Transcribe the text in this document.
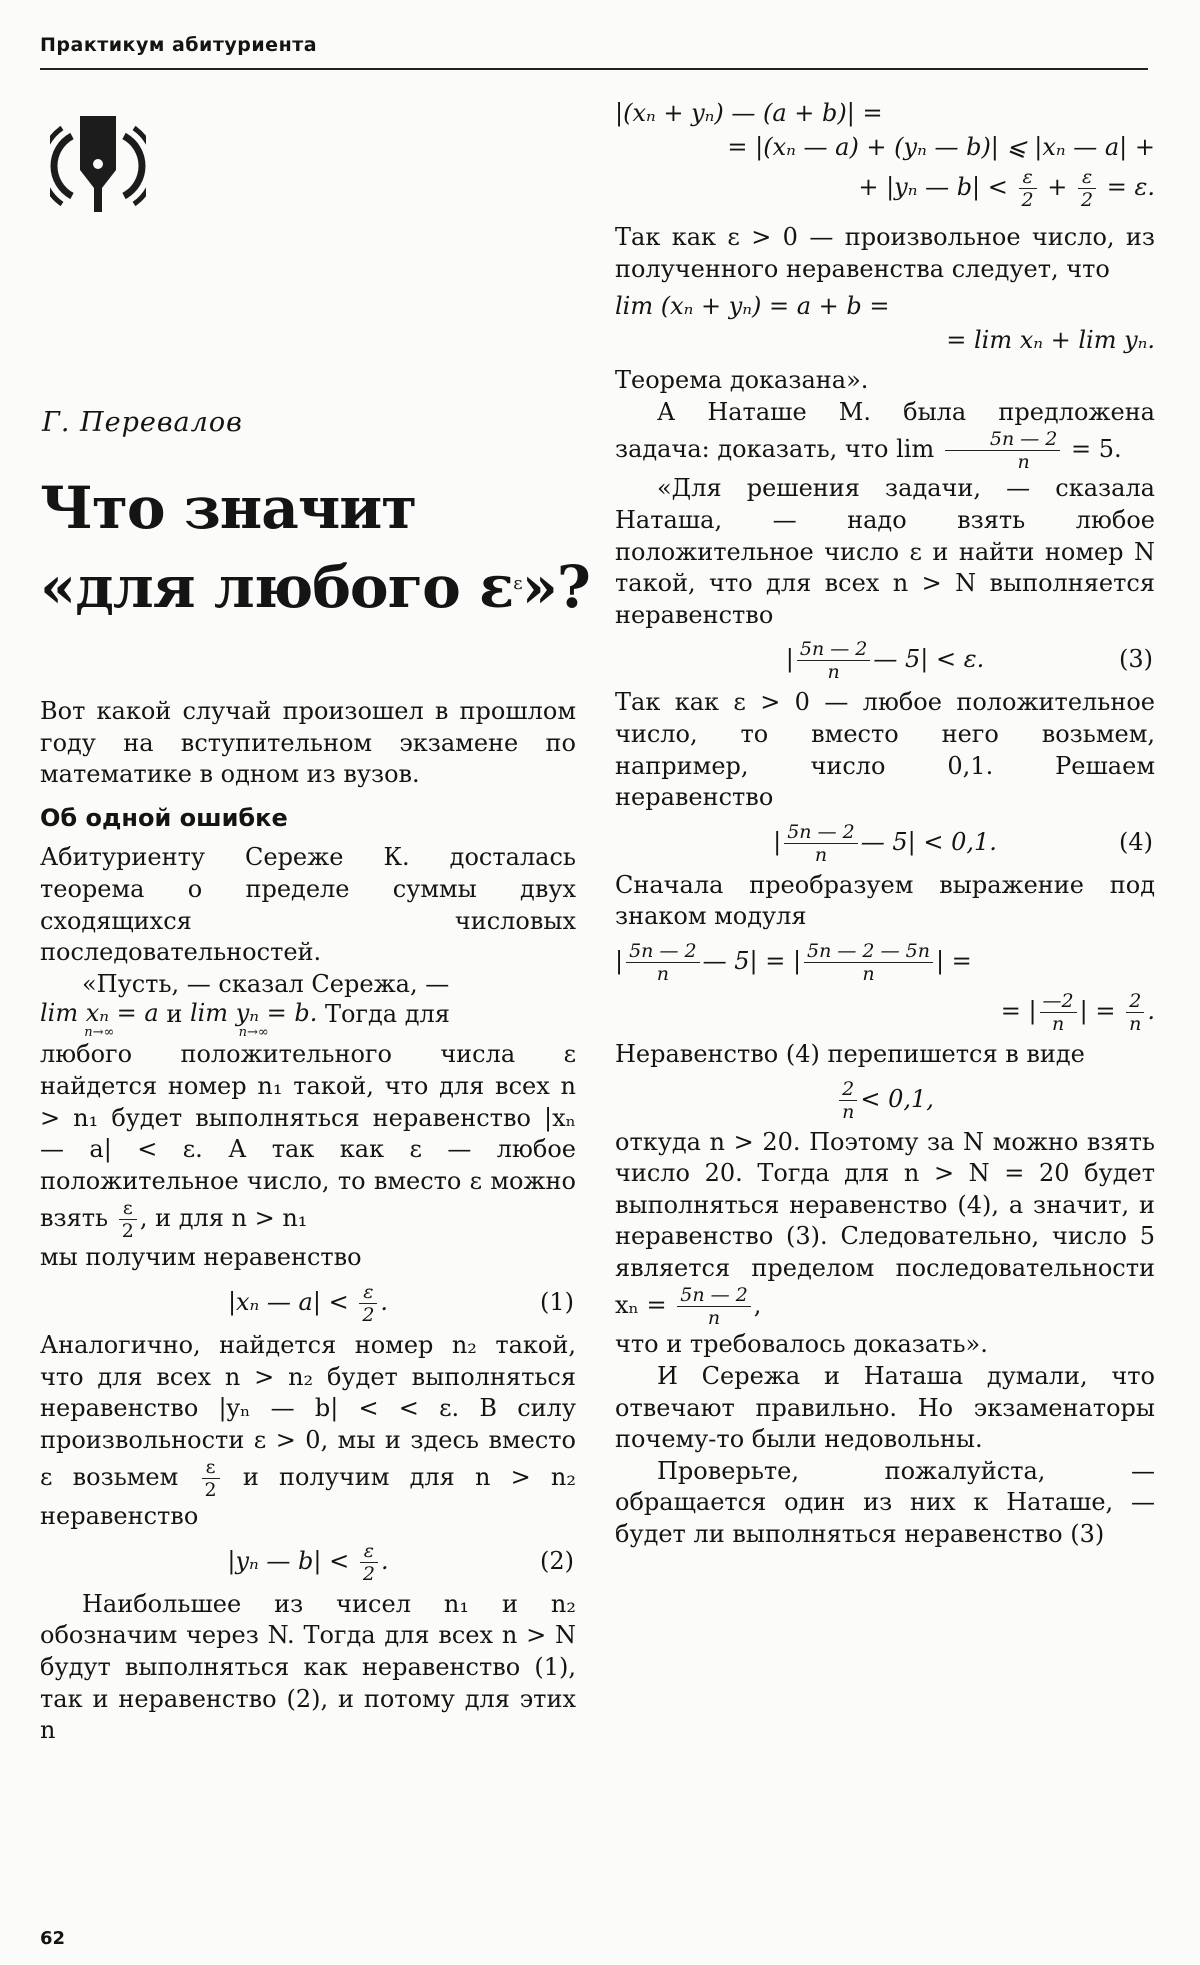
Практикум абитуриента
Г. Перевалов
Что значит
«для любого $\varepsilon^\varepsilon$»?

Вот какой случай произошел в прошлом году на вступительном экзамене по математике в одном из вузов.

Об одной ошибке

Абитуриенту Сереже К. досталась теорема о пределе суммы двух сходящихся числовых последовательностей.

«Пусть, — сказал Сережа, —

lim xₙ = a
n→∞
и lim yₙ = b.
n→∞
Тогда для

любого положительного числа ε найдется номер n₁ такой, что для всех n > n₁ будет выполняться неравенство |xₙ — a| < ε. А так как ε — любое положительное число, то вместо ε можно взять $\frac{\varepsilon}{2}$ , и для n > n₁

мы получим неравенство

|xₙ — $a| < \frac{\varepsilon}{2}$ .	(1)

Аналогично, найдется номер n₂ такой, что для всех n > n₂ будет выполняться неравенство |yₙ — b| < < ε. В силу произвольности ε > 0, мы и здесь вместо ε возьмем $\frac{\varepsilon}{2}$ и получим для n > n₂ неравенство

|yₙ — $b| < \frac{\varepsilon}{2}$ .	(2)

Наибольшее из чисел n₁ и n₂ обозначим через N. Тогда для всех n > N будут выполняться как неравенство (1), так и неравенство (2), и потому для этих n

|(xₙ + yₙ) — (a + b)| =
= |(xₙ — a) + (yₙ — b)| ⩽ |xₙ — a| +
+ |yₙ — $b| < \frac{\varepsilon}{2} + \frac{\varepsilon}{2} = \varepsilon$.

Так как ε > 0 — произвольное число, из полученного неравенства следует, что

lim (xₙ + yₙ) = a + b =
= lim xₙ + lim yₙ.

Теорема доказана».

А Наташе М. была предложена задача: доказать, что $\lim \frac{5n — 2}{n} = 5$.

«Для решения задачи, — сказала Наташа, — надо взять любое положительное число ε и найти номер N такой, что для всех n > N выполняется неравенство

| $\frac{5n — 2}{n}$ — 5| < ε.	(3)

Так как ε > 0 — любое положительное число, то вместо него возьмем, например, число 0,1. Решаем неравенство

| $\frac{5n — 2}{n}$ — 5| < 0,1.	(4)

Сначала преобразуем выражение под знаком модуля

| $\frac{5n — 2}{n}$ — 5| = | $\frac{5n — 2 — 5n}{n}$ | =
= | $\frac{—2}{n}$ | = $\frac{2}{n}$ .

Неравенство (4) перепишется в виде

$\frac{2}{n} < 0,1$,

откуда n > 20. Поэтому за N можно взять число 20. Тогда для n > N = 20 будет выполняться неравенство (4), а значит, и неравенство (3). Следовательно, число 5 является пределом последовательности $x_n = \frac{5n — 2}{n}$ ,

что и требовалось доказать».

И Сережа и Наташа думали, что отвечают правильно. Но экзаменаторы почему-то были недовольны.

Проверьте, пожалуйста, — обращается один из них к Наташе, — будет ли выполняться неравенство (3)

62
